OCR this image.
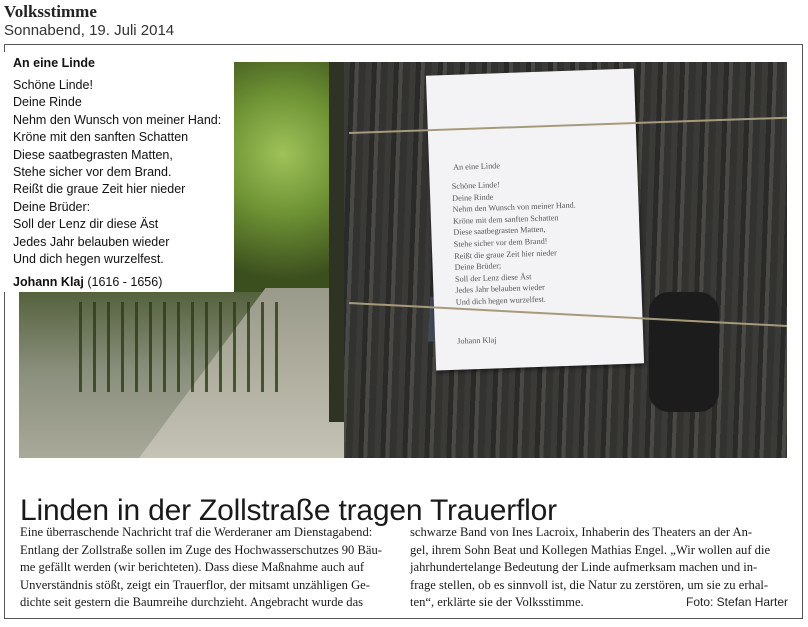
Volksstimme
Sonnabend, 19. Juli 2014
An eine Linde
Schöne Linde!
Deine Rinde
Nehm den Wunsch von meiner Hand.
Kröne mit dem sanften Schatten
Diese saatbegrasten Matten,
Stehe sicher vor dem Brand!
Reißt die graue Zeit hier nieder
Deine Brüder;
Soll der Lenz diese Äst
Jedes Jahr belauben wieder
Und dich hegen wurzelfest.
Johann Klaj
An eine Linde
Schöne Linde!
Deine Rinde
Nehm den Wunsch von meiner Hand:
Kröne mit den sanften Schatten
Diese saatbegrasten Matten,
Stehe sicher vor dem Brand.
Reißt die graue Zeit hier nieder
Deine Brüder:
Soll der Lenz dir diese Äst
Jedes Jahr belauben wieder
Und dich hegen wurzelfest.
Johann Klaj (1616 - 1656)
Linden in der Zollstraße tragen Trauerflor
Eine überraschende Nachricht traf die Werderaner am Dienstagabend:
Entlang der Zollstraße sollen im Zuge des Hochwasserschutzes 90 Bäu-
me gefällt werden (wir berichteten). Dass diese Maßnahme auch auf
Unverständnis stößt, zeigt ein Trauerflor, der mitsamt unzähligen Ge-
dichte seit gestern die Baumreihe durchzieht. Angebracht wurde das
schwarze Band von Ines Lacroix, Inhaberin des Theaters an der An-
gel, ihrem Sohn Beat und Kollegen Mathias Engel. „Wir wollen auf die
jahrhundertelange Bedeutung der Linde aufmerksam machen und in-
frage stellen, ob es sinnvoll ist, die Natur zu zerstören, um sie zu erhal-
ten“, erklärte sie der Volksstimme.	Foto: Stefan Harter
